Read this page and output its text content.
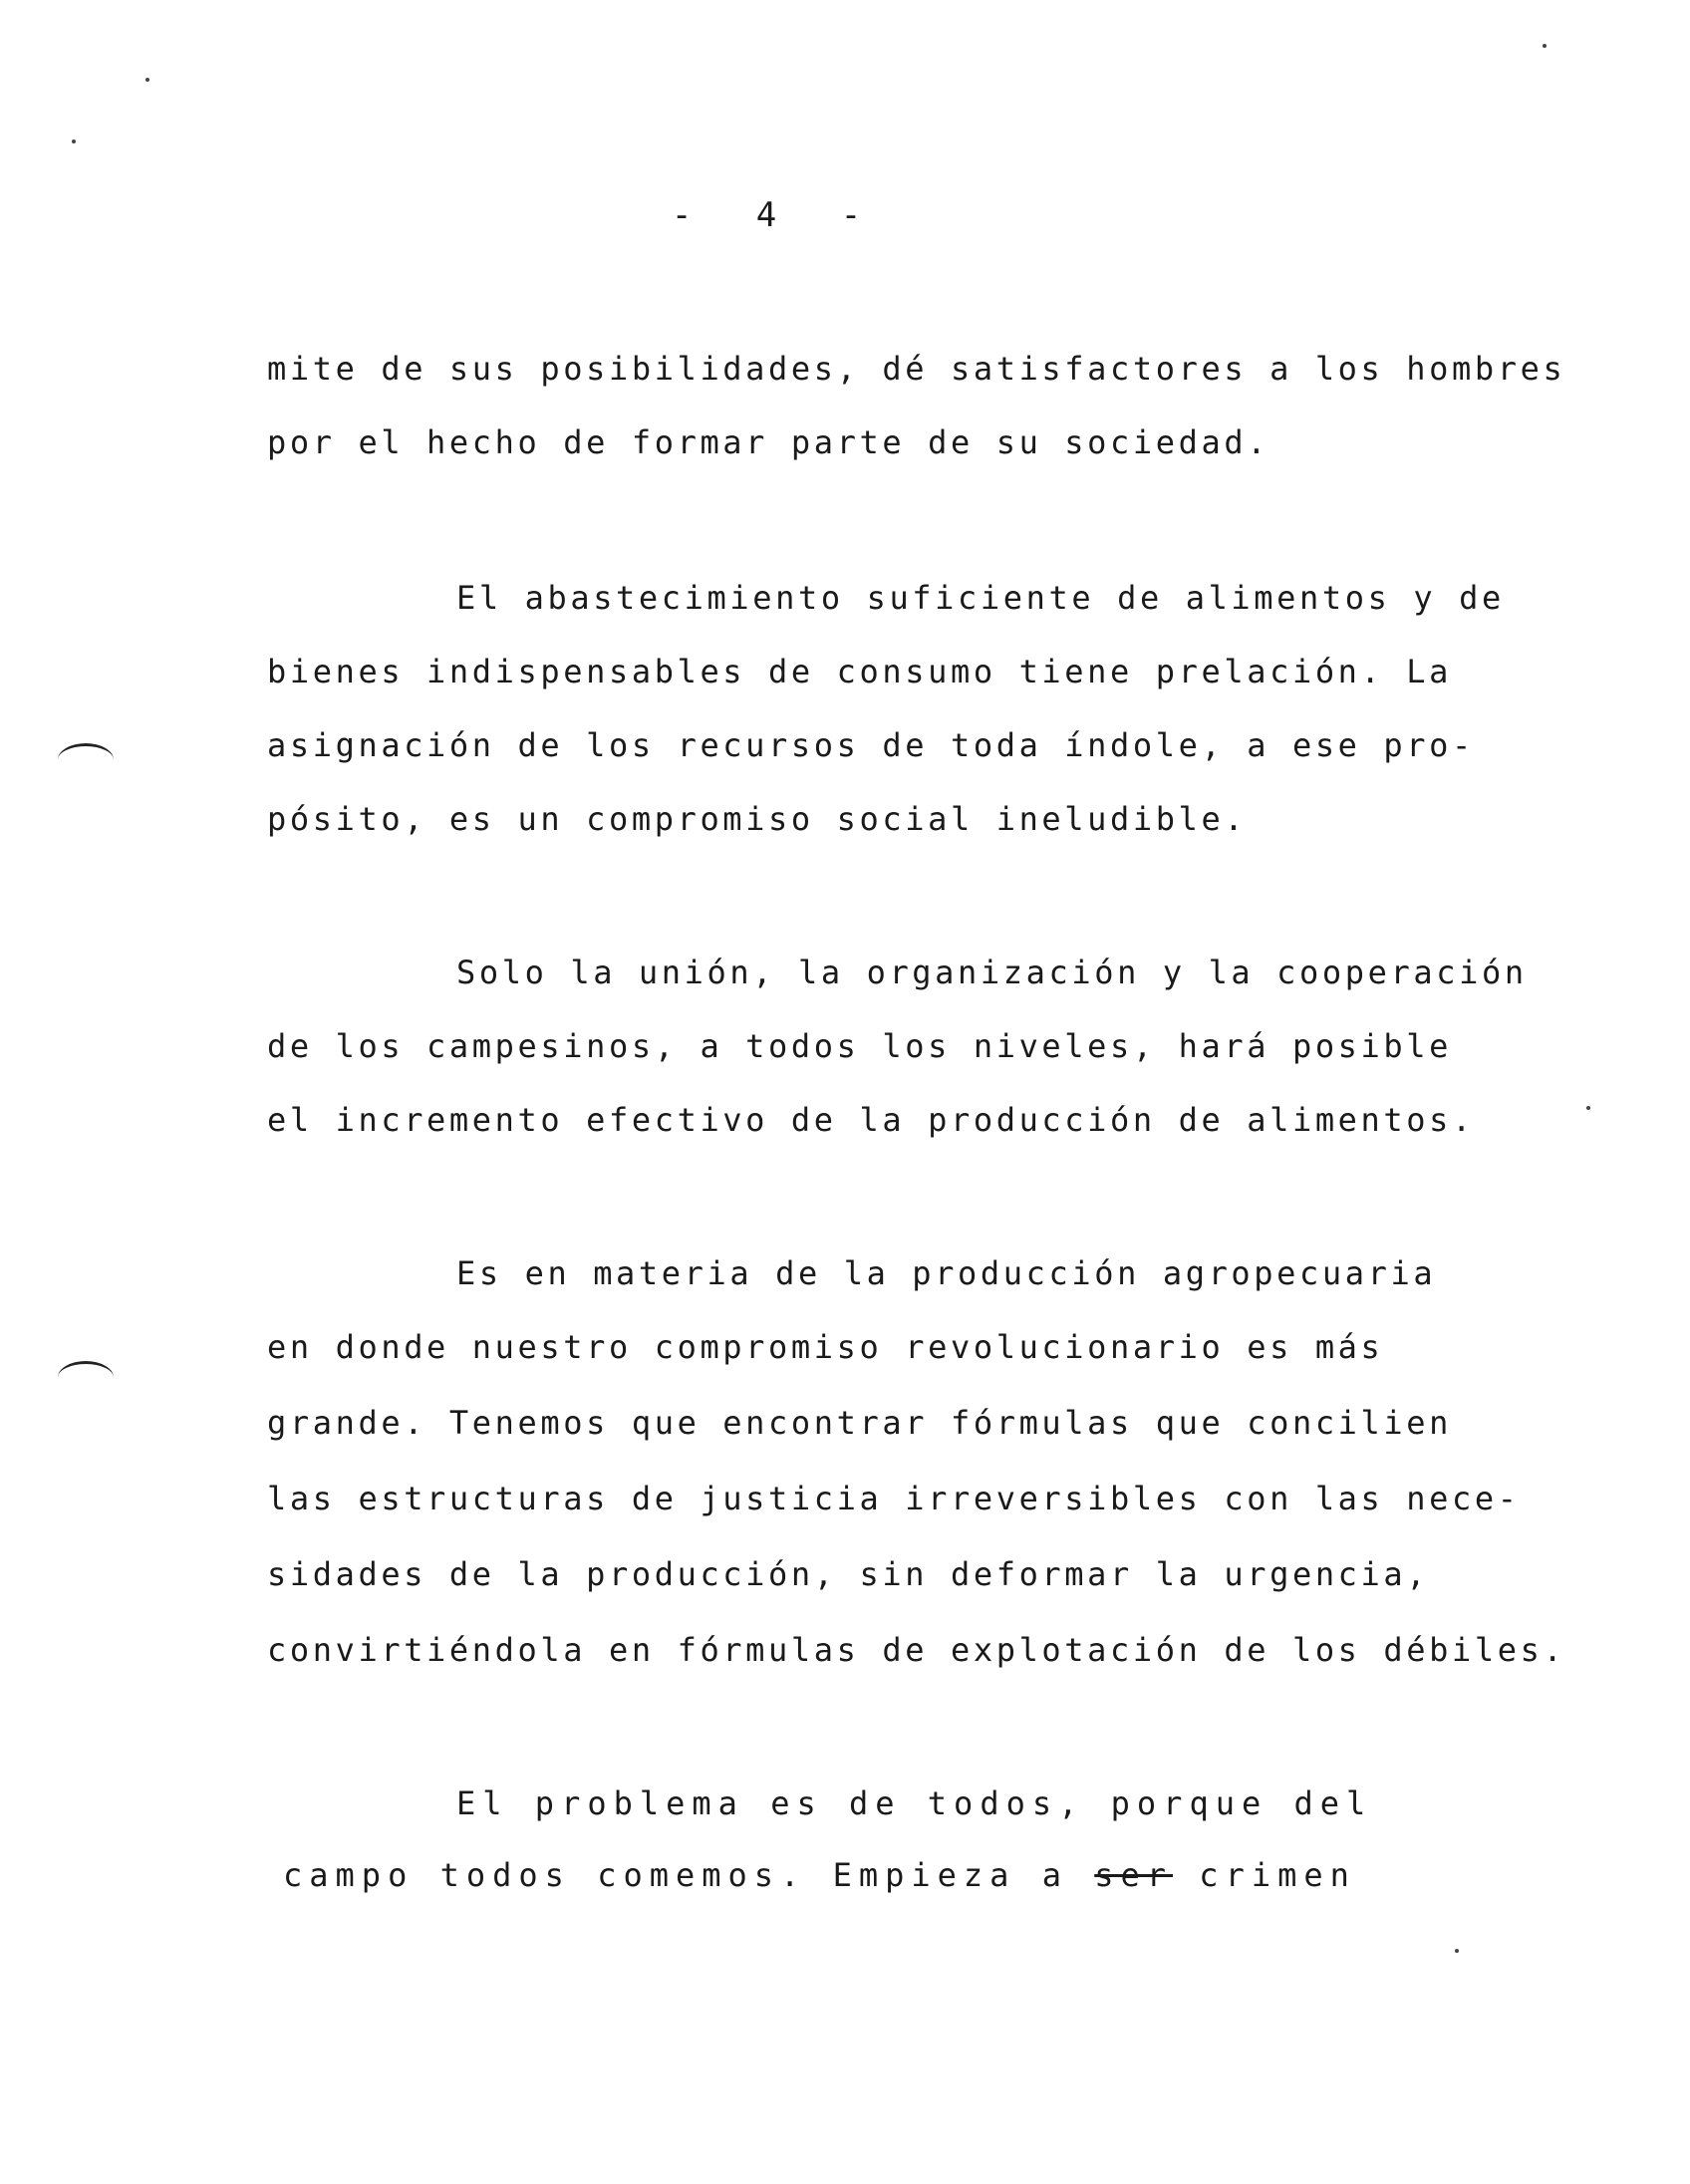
- 4 -
mite de sus posibilidades, dé satisfactores a los hombres
por el hecho de formar parte de su sociedad.
El abastecimiento suficiente de alimentos y de
bienes indispensables de consumo tiene prelación. La
asignación de los recursos de toda índole, a ese pro-
pósito, es un compromiso social ineludible.
Solo la unión, la organización y la cooperación
de los campesinos, a todos los niveles, hará posible
el incremento efectivo de la producción de alimentos.
Es en materia de la producción agropecuaria
en donde nuestro compromiso revolucionario es más
grande. Tenemos que encontrar fórmulas que concilien
las estructuras de justicia irreversibles con las nece-
sidades de la producción, sin deformar la urgencia,
convirtiéndola en fórmulas de explotación de los débiles.
El problema es de todos, porque del
campo todos comemos. Empieza a ser crimen
